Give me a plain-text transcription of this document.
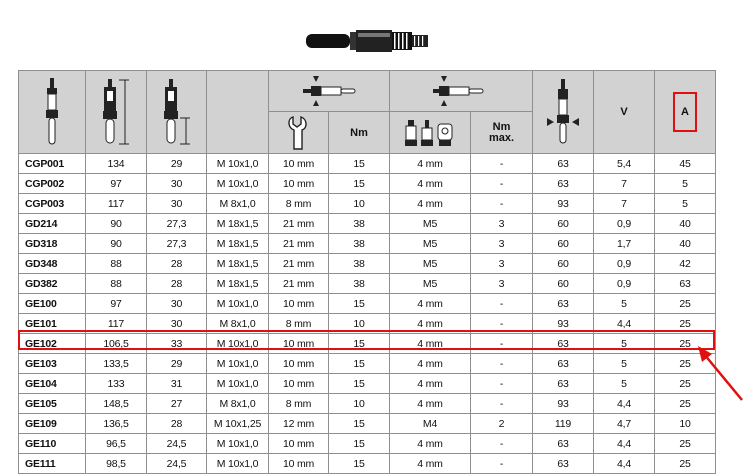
	V	A

	Nm		Nm
max.			
CGP001	134	29	M 10x1,0	10 mm	15	4 mm	-	63	5,4	45
CGP002	97	30	M 10x1,0	10 mm	15	4 mm	-	63	7	5
CGP003	117	30	M 8x1,0	8 mm	10	4 mm	-	93	7	5
GD214	90	27,3	M 18x1,5	21 mm	38	M5	3	60	0,9	40
GD318	90	27,3	M 18x1,5	21 mm	38	M5	3	60	1,7	40
GD348	88	28	M 18x1,5	21 mm	38	M5	3	60	0,9	42
GD382	88	28	M 18x1,5	21 mm	38	M5	3	60	0,9	63
GE100	97	30	M 10x1,0	10 mm	15	4 mm	-	63	5	25
GE101	117	30	M 8x1,0	8 mm	10	4 mm	-	93	4,4	25
GE102	106,5	33	M 10x1,0	10 mm	15	4 mm	-	63	5	25
GE103	133,5	29	M 10x1,0	10 mm	15	4 mm	-	63	5	25
GE104	133	31	M 10x1,0	10 mm	15	4 mm	-	63	5	25
GE105	148,5	27	M 8x1,0	8 mm	10	4 mm	-	93	4,4	25
GE109	136,5	28	M 10x1,25	12 mm	15	M4	2	119	4,7	10
GE110	96,5	24,5	M 10x1,0	10 mm	15	4 mm	-	63	4,4	25
GE111	98,5	24,5	M 10x1,0	10 mm	15	4 mm	-	63	4,4	25
